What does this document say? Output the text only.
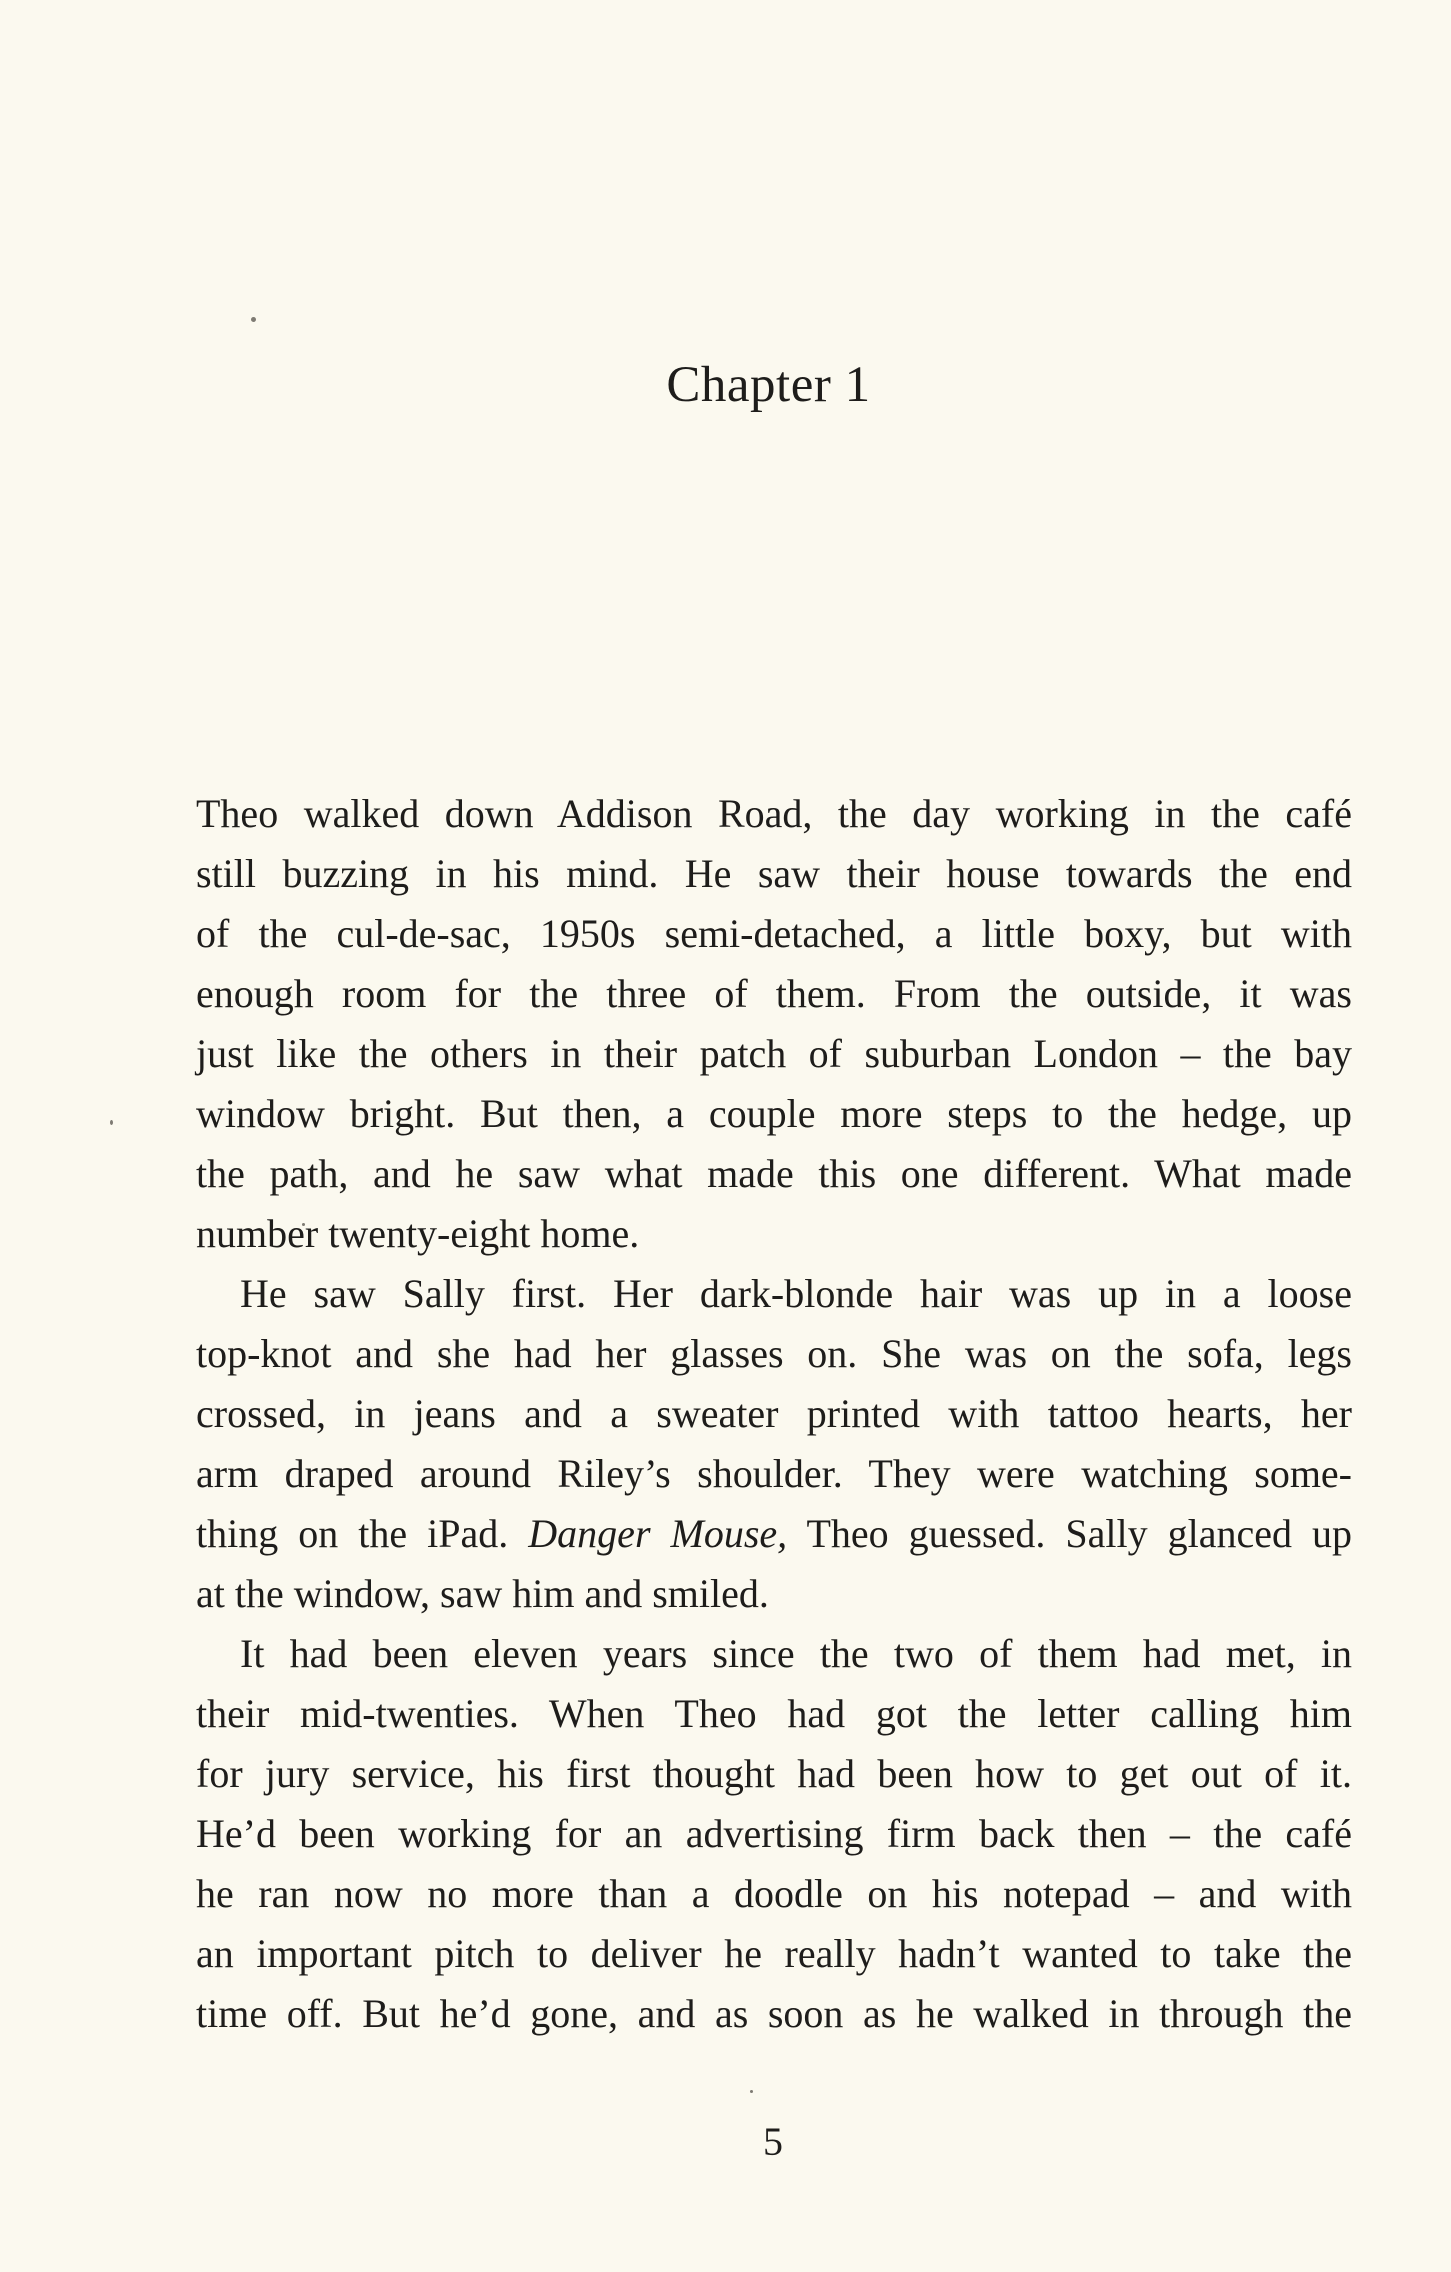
Chapter 1

Theo walked down Addison Road, the day working in the café
still buzzing in his mind. He saw their house towards the end
of the cul-de-sac, 1950s semi-detached, a little boxy, but with
enough room for the three of them. From the outside, it was
just like the others in their patch of suburban London – the bay
window bright. But then, a couple more steps to the hedge, up
the path, and he saw what made this one different. What made
number twenty-eight home.

He saw Sally first. Her dark-blonde hair was up in a loose
top-knot and she had her glasses on. She was on the sofa, legs
crossed, in jeans and a sweater printed with tattoo hearts, her
arm draped around Riley’s shoulder. They were watching some-
thing on the iPad. Danger Mouse, Theo guessed. Sally glanced up
at the window, saw him and smiled.

It had been eleven years since the two of them had met, in
their mid-twenties. When Theo had got the letter calling him
for jury service, his first thought had been how to get out of it.
He’d been working for an advertising firm back then – the café
he ran now no more than a doodle on his notepad – and with
an important pitch to deliver he really hadn’t wanted to take the
time off. But he’d gone, and as soon as he walked in through the

5
